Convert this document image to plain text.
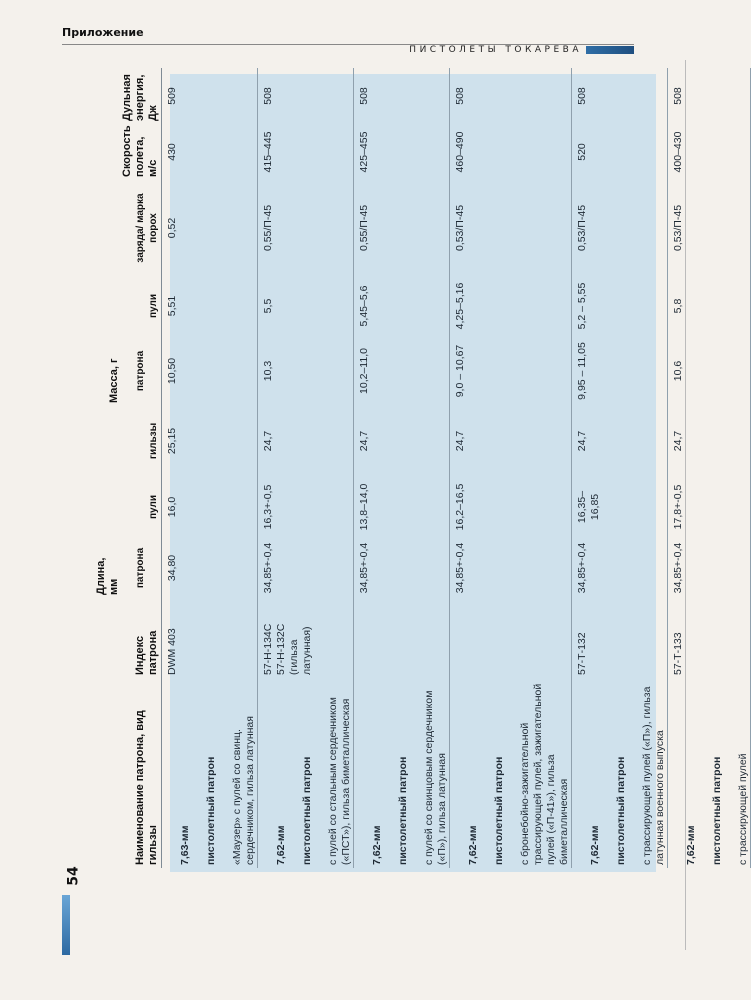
Приложение
ПИСТОЛЕТЫ ТОКАРЕВА
54
Наименование патрона, вид гильзы
Индекс патрона

Длина, мм патрона

пули
гильзы

Масса, г патрона

пули
заряда/ марка порох
Скорость полета, м/с
Дульная энергия, Дж

7,63-мм пистолетный патрон «Маузер» с пулей со свинц. сердечником, гильза латунная

DWM 403
34,80
16,0
25,15
10,50
5,51
0,52
430
509

7,62-мм пистолетный патрон с пулей со стальным сердечником («ПСТ»), гильза биметаллическая

57-Н-134С
57-Н-132С
(гильза
латунная)
34,85+-0,4
16,3+-0,5
24,7
10,3
5,5
0,55/П-45
415–445
508

7,62-мм пистолетный патрон с пулей со свинцовым сердечником («П»), гильза латунная

34,85+-0,4
13,8–14,0
24,7
10,2–11,0
5,45–5,6
0,55/П-45
425–455
508

7,62-мм пистолетный патрон с бронебойно-зажигательной трассирующей пулей, зажигательной пулей («П-41»), гильза биметаллическая

34,85+-0,4
16,2–16,5
24,7
9,0 – 10,67
4,25–5,16
0,53/П-45
460–490
508

7,62-мм пистолетный патрон с трассирующей пулей («П»), гильза латунная военного выпуска

57-Т-132
34,85+-0,4
16,35–16,85
24,7
9,95 – 11,05
5,2 – 5,55
0,53/П-45
520
508

7,62-мм пистолетный патрон с трассирующей пулей

57-Т-133
34,85+-0,4
17,8+-0,5
24,7
10,6
5,8
0,53/П-45
400–430
508
